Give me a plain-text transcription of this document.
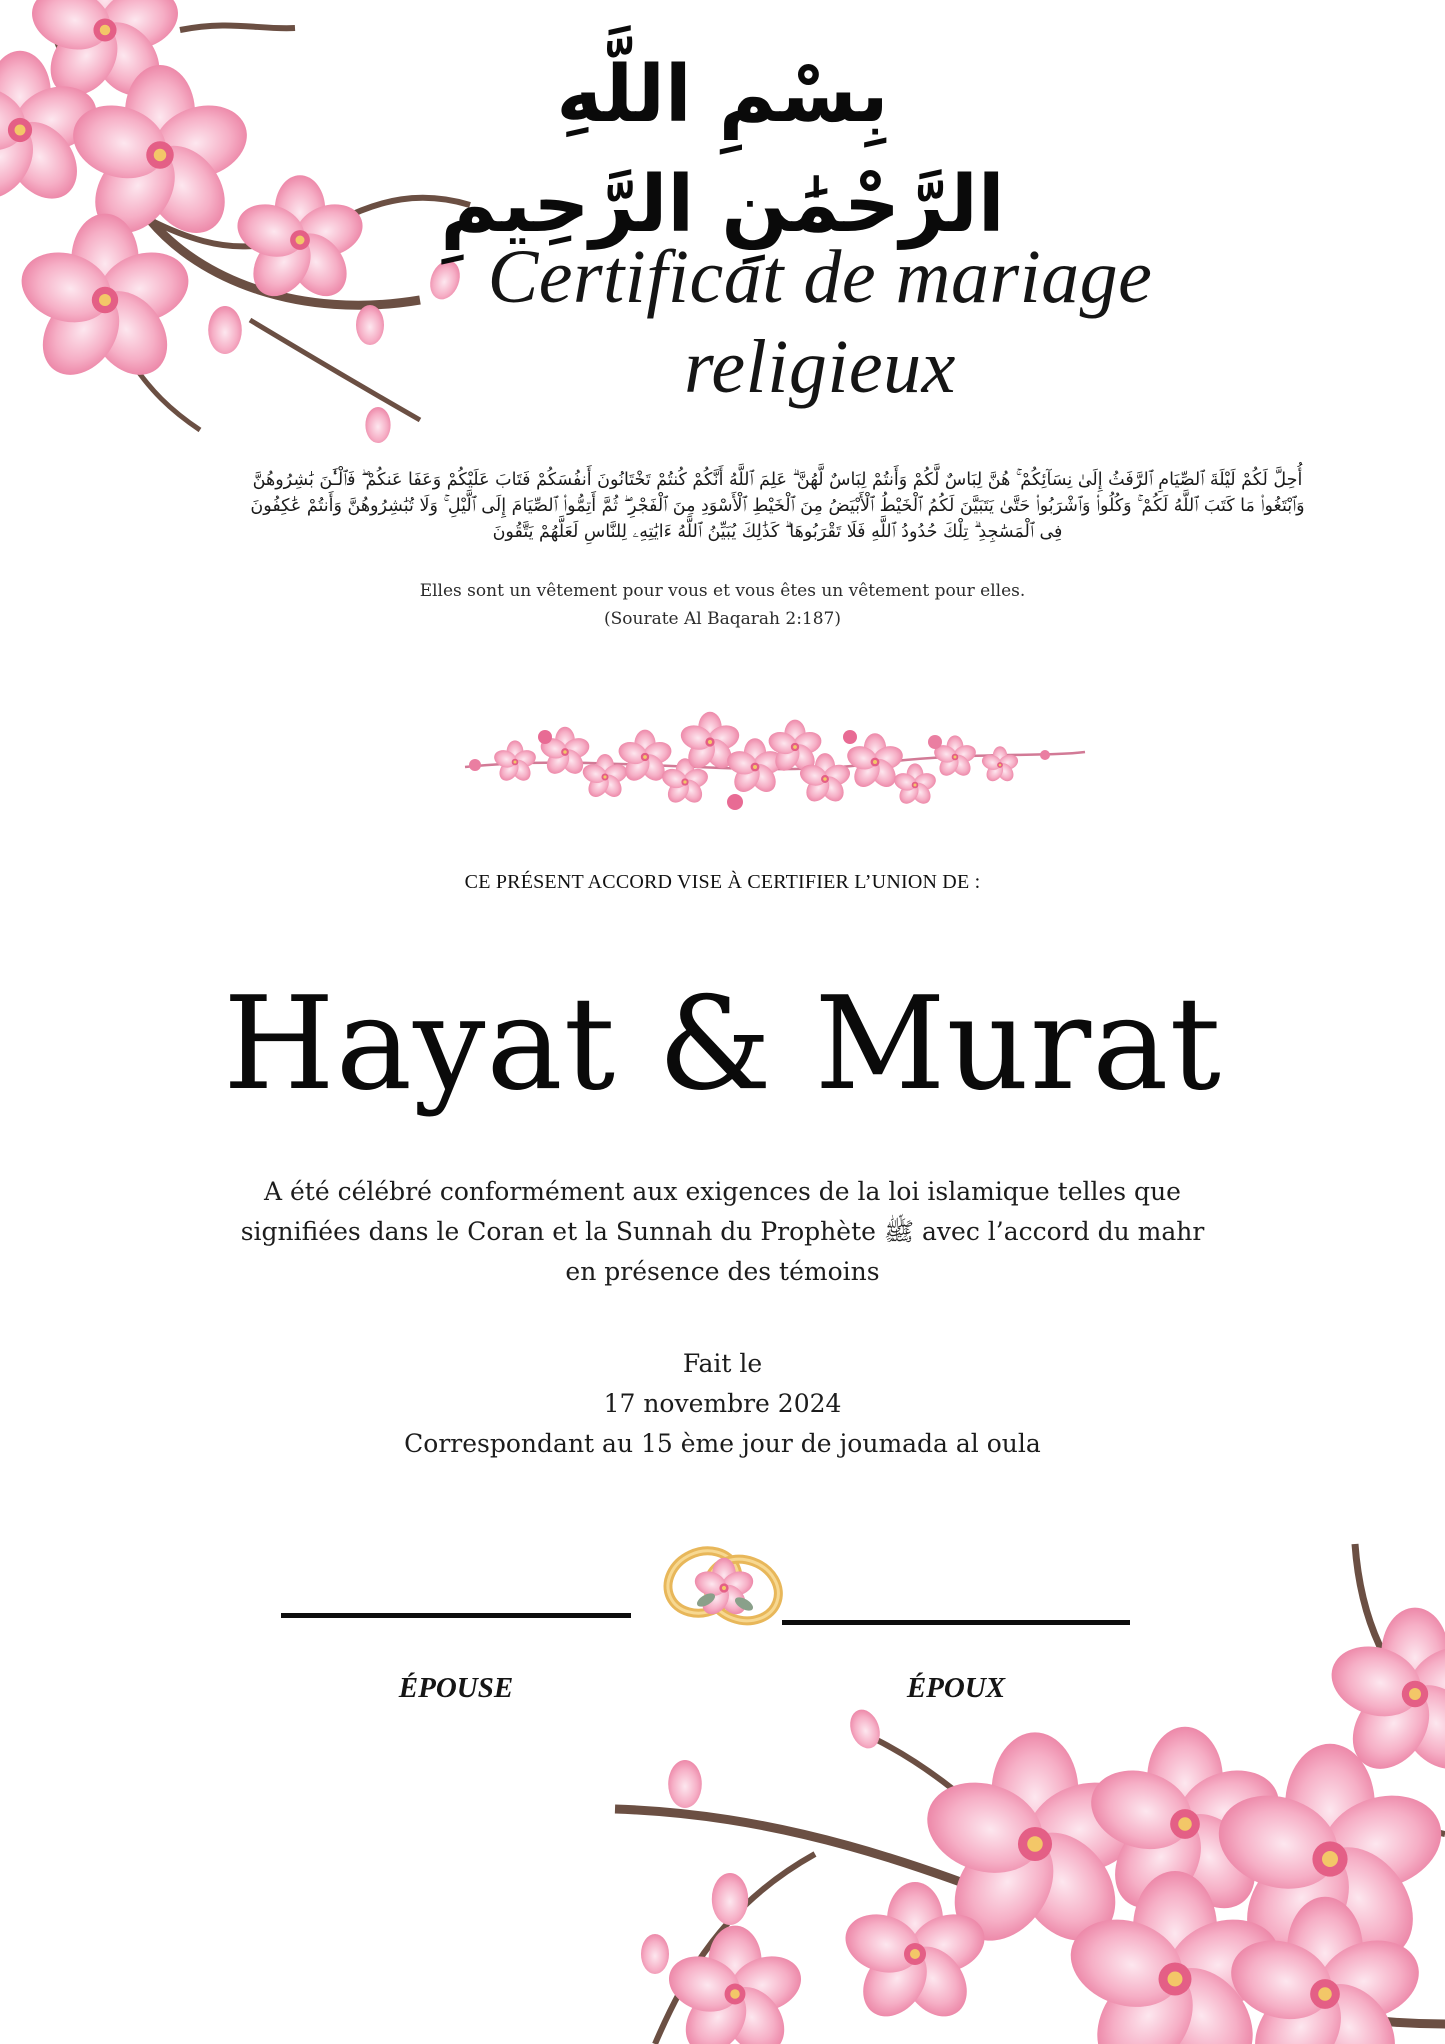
بِسْمِ اللَّهِ الرَّحْمَٰنِ الرَّحِيمِ
Certificat de mariage religieux
أُحِلَّ لَكُمْ لَيْلَةَ ٱلصِّيَامِ ٱلرَّفَثُ إِلَىٰ نِسَآئِكُمْ ۚ هُنَّ لِبَاسٌ لَّكُمْ وَأَنتُمْ لِبَاسٌ لَّهُنَّ ۗ عَلِمَ ٱللَّهُ أَنَّكُمْ كُنتُمْ تَخْتَانُونَ أَنفُسَكُمْ فَتَابَ عَلَيْكُمْ وَعَفَا عَنكُمْ ۖ فَٱلْـَٰٔنَ بَٰشِرُوهُنَّ وَٱبْتَغُوا۟ مَا كَتَبَ ٱللَّهُ لَكُمْ ۚ وَكُلُوا۟ وَٱشْرَبُوا۟ حَتَّىٰ يَتَبَيَّنَ لَكُمُ ٱلْخَيْطُ ٱلْأَبْيَضُ مِنَ ٱلْخَيْطِ ٱلْأَسْوَدِ مِنَ ٱلْفَجْرِ ۖ ثُمَّ أَتِمُّوا۟ ٱلصِّيَامَ إِلَى ٱلَّيْلِ ۚ وَلَا تُبَٰشِرُوهُنَّ وَأَنتُمْ عَٰكِفُونَ فِى ٱلْمَسَٰجِدِ ۗ تِلْكَ حُدُودُ ٱللَّهِ فَلَا تَقْرَبُوهَا ۗ كَذَٰلِكَ يُبَيِّنُ ٱللَّهُ ءَايَٰتِهِۦ لِلنَّاسِ لَعَلَّهُمْ يَتَّقُونَ
Elles sont un vêtement pour vous et vous êtes un vêtement pour elles.
(Sourate Al Baqarah 2:187)
CE PRÉSENT ACCORD VISE À CERTIFIER L’UNION DE :
Hayat & Murat
A été célébré conformément aux exigences de la loi islamique telles que signifiées dans le Coran et la Sunnah du Prophète ﷺ avec l’accord du mahr en présence des témoins
Fait le
17 novembre 2024
Correspondant au 15 ème jour de joumada al oula
ÉPOUSE	ÉPOUX
